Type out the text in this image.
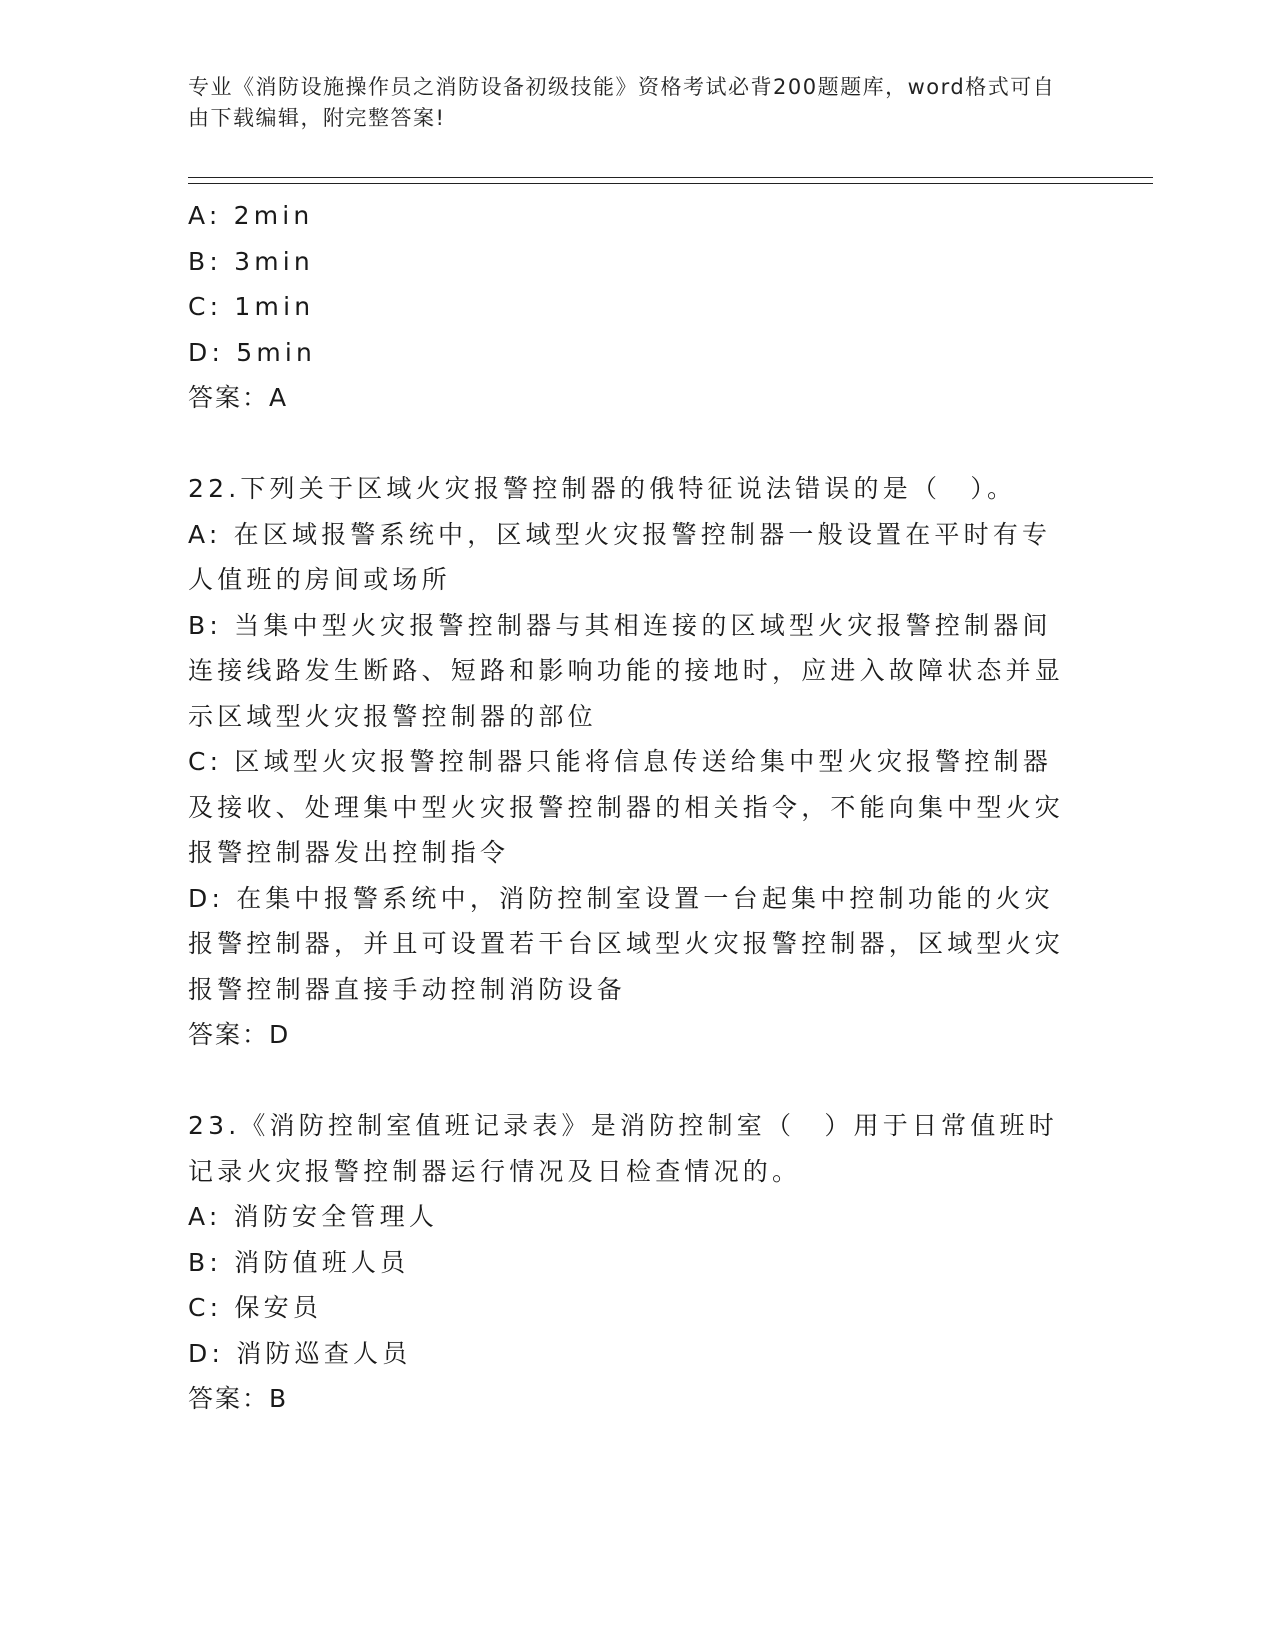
专业《消防设施操作员之消防设备初级技能》资格考试必背200题题库，word格式可自由下载编辑，附完整答案!
A: 2min
B: 3min
C: 1min
D: 5min
答案：A
22.下列关于区域火灾报警控制器的俄特征说法错误的是（　）。
A: 在区域报警系统中，区域型火灾报警控制器一般设置在平时有专人值班的房间或场所
B: 当集中型火灾报警控制器与其相连接的区域型火灾报警控制器间连接线路发生断路、短路和影响功能的接地时，应进入故障状态并显示区域型火灾报警控制器的部位
C: 区域型火灾报警控制器只能将信息传送给集中型火灾报警控制器及接收、处理集中型火灾报警控制器的相关指令，不能向集中型火灾报警控制器发出控制指令
D: 在集中报警系统中，消防控制室设置一台起集中控制功能的火灾报警控制器，并且可设置若干台区域型火灾报警控制器，区域型火灾报警控制器直接手动控制消防设备
答案：D
23.《消防控制室值班记录表》是消防控制室（　）用于日常值班时记录火灾报警控制器运行情况及日检查情况的。
A: 消防安全管理人
B: 消防值班人员
C: 保安员
D: 消防巡查人员
答案：B
